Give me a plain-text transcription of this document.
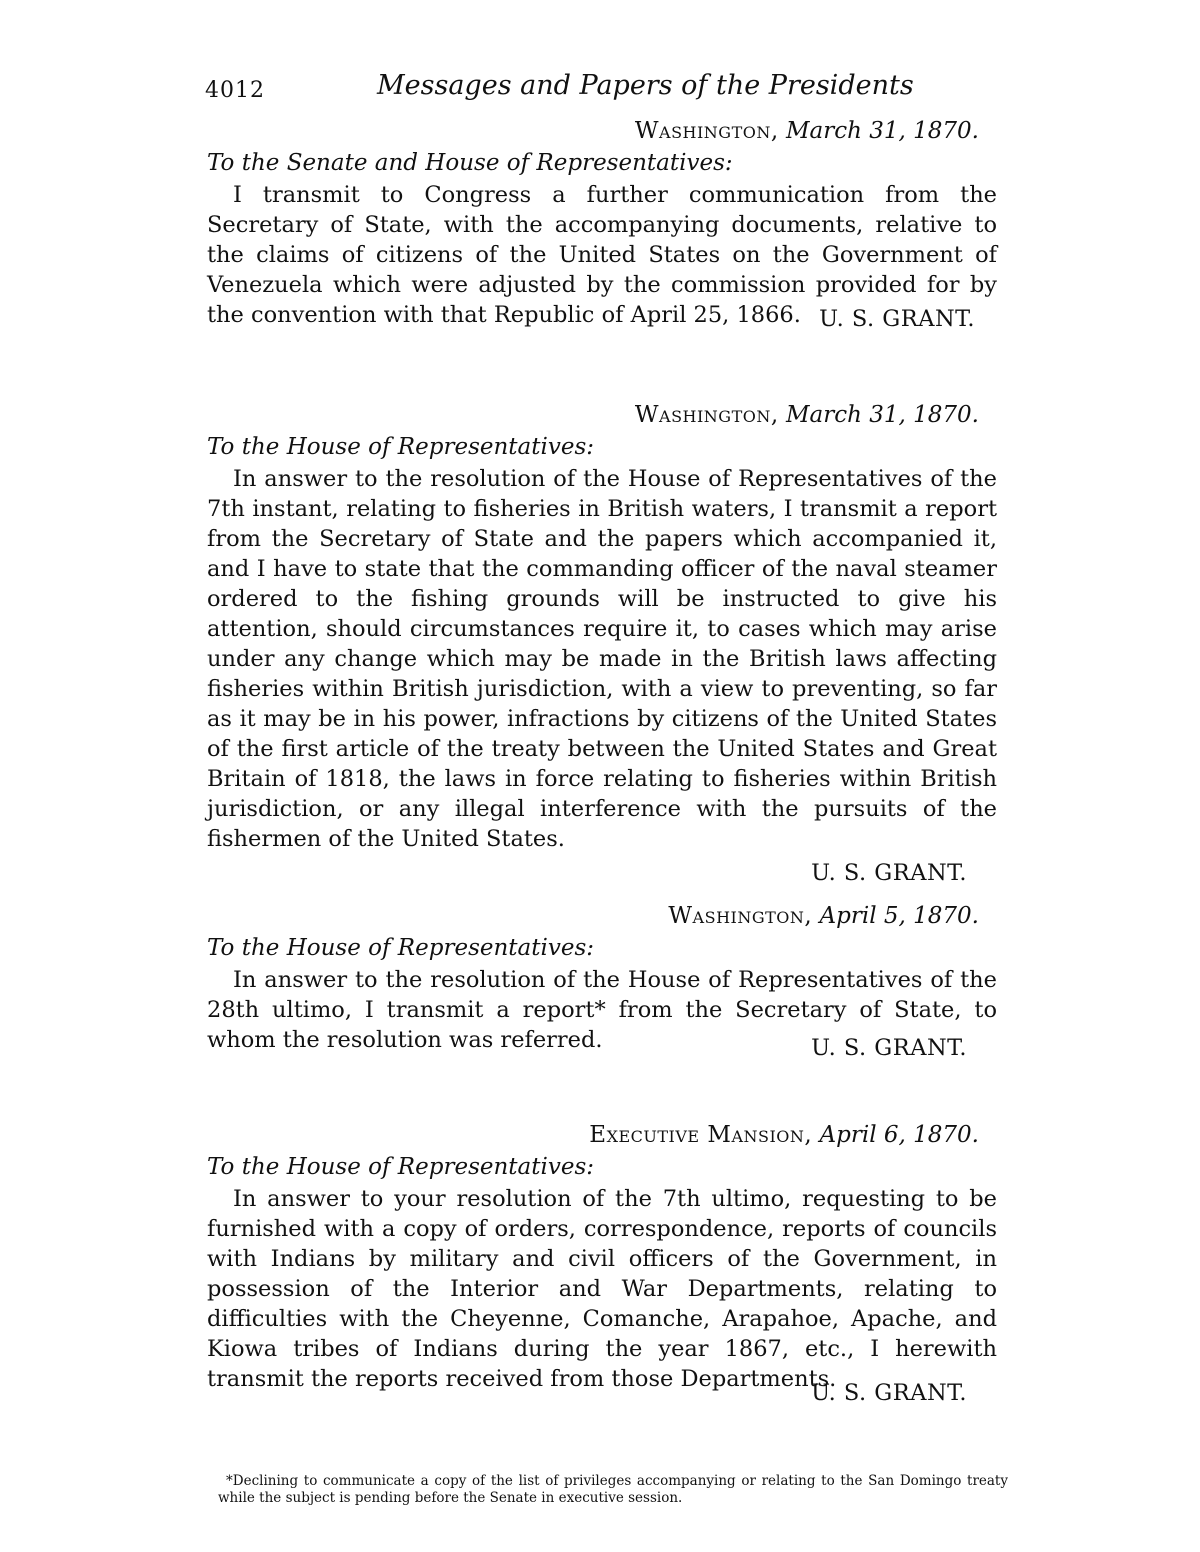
4012	Messages and Papers of the Presidents
Washington, March 31, 1870.
To the Senate and House of Representatives:

I transmit to Congress a further communication from the Secretary of State, with the accompanying documents, relative to the claims of citizens of the United States on the Government of Venezuela which were adjusted by the commission provided for by the convention with that Republic of April 25, 1866. U. S. GRANT.
Washington, March 31, 1870.
To the House of Representatives:

In answer to the resolution of the House of Representatives of the 7th instant, relating to fisheries in British waters, I transmit a report from the Secretary of State and the papers which accompanied it, and I have to state that the commanding officer of the naval steamer ordered to the fishing grounds will be instructed to give his attention, should circumstances require it, to cases which may arise under any change which may be made in the British laws affecting fisheries within British jurisdiction, with a view to preventing, so far as it may be in his power, infractions by citizens of the United States of the first article of the treaty between the United States and Great Britain of 1818, the laws in force relating to fisheries within British jurisdiction, or any illegal interference with the pursuits of the fishermen of the United States.

U. S. GRANT.
Washington, April 5, 1870.
To the House of Representatives:

In answer to the resolution of the House of Representatives of the 28th ultimo, I transmit a report* from the Secretary of State, to whom the resolution was referred.	U. S. GRANT.
Executive Mansion, April 6, 1870.
To the House of Representatives:

In answer to your resolution of the 7th ultimo, requesting to be furnished with a copy of orders, correspondence, reports of councils with Indians by military and civil officers of the Government, in possession of the Interior and War Departments, relating to difficulties with the Cheyenne, Comanche, Arapahoe, Apache, and Kiowa tribes of Indians during the year 1867, etc., I herewith transmit the reports received from those Departments.

U. S. GRANT.
*Declining to communicate a copy of the list of privileges accompanying or relating to the San Domingo treaty while the subject is pending before the Senate in executive session.
